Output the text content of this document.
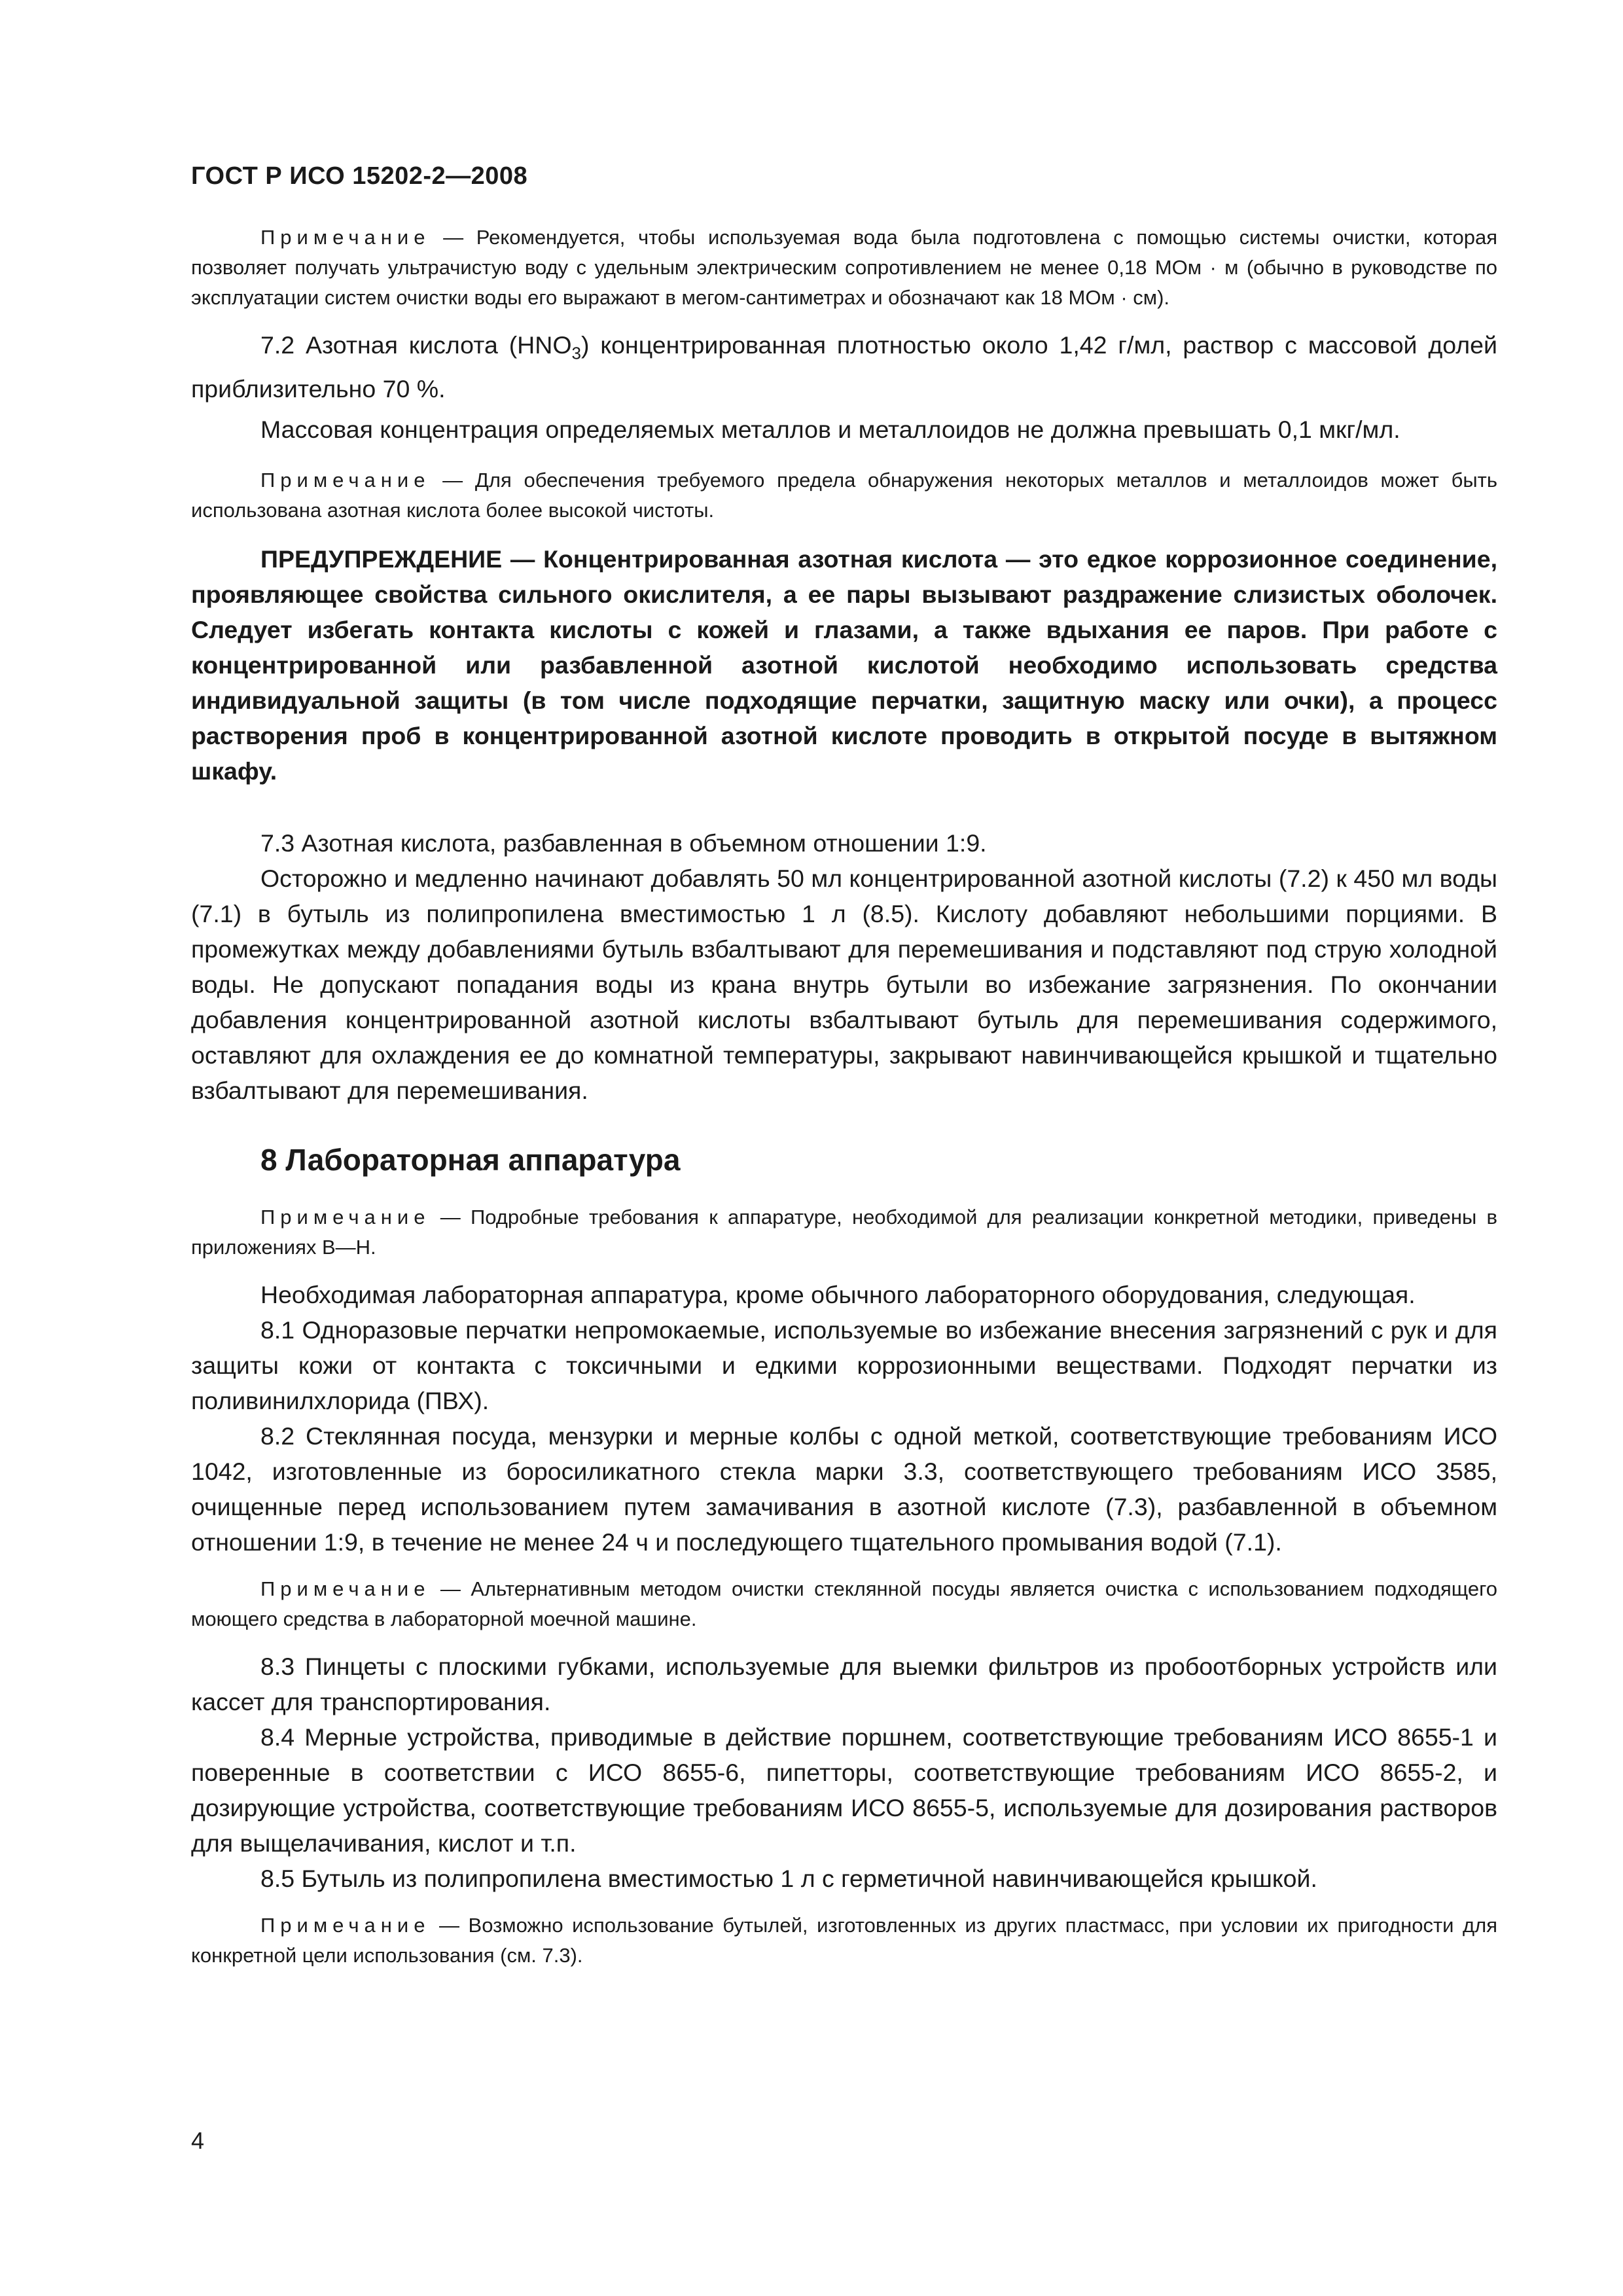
ГОСТ Р ИСО 15202-2—2008

Примечание — Рекомендуется, чтобы используемая вода была подготовлена с помощью системы очистки, которая позволяет получать ультрачистую воду с удельным электрическим сопротивлением не менее 0,18 МОм · м (обычно в руководстве по эксплуатации систем очистки воды его выражают в мегом-сантиметрах и обозначают как 18 МОм · см).

7.2 Азотная кислота $(HNO_3)$ концентрированная плотностью около 1,42 г/мл, раствор с массовой долей приблизительно 70 %.

Массовая концентрация определяемых металлов и металлоидов не должна превышать 0,1 мкг/мл.

Примечание — Для обеспечения требуемого предела обнаружения некоторых металлов и металлоидов может быть использована азотная кислота более высокой чистоты.

ПРЕДУПРЕЖДЕНИЕ — Концентрированная азотная кислота — это едкое коррозионное соединение, проявляющее свойства сильного окислителя, а ее пары вызывают раздражение слизистых оболочек. Следует избегать контакта кислоты с кожей и глазами, а также вдыхания ее паров. При работе с концентрированной или разбавленной азотной кислотой необходимо использовать средства индивидуальной защиты (в том числе подходящие перчатки, защитную маску или очки), а процесс растворения проб в концентрированной азотной кислоте проводить в открытой посуде в вытяжном шкафу.

7.3 Азотная кислота, разбавленная в объемном отношении 1:9.

Осторожно и медленно начинают добавлять 50 мл концентрированной азотной кислоты (7.2) к 450 мл воды (7.1) в бутыль из полипропилена вместимостью 1 л (8.5). Кислоту добавляют небольшими порциями. В промежутках между добавлениями бутыль взбалтывают для перемешивания и подставляют под струю холодной воды. Не допускают попадания воды из крана внутрь бутыли во избежание загрязнения. По окончании добавления концентрированной азотной кислоты взбалтывают бутыль для перемешивания содержимого, оставляют для охлаждения ее до комнатной температуры, закрывают навинчивающейся крышкой и тщательно взбалтывают для перемешивания.

8 Лабораторная аппаратура

Примечание — Подробные требования к аппаратуре, необходимой для реализации конкретной методики, приведены в приложениях В—Н.

Необходимая лабораторная аппаратура, кроме обычного лабораторного оборудования, следующая.

8.1 Одноразовые перчатки непромокаемые, используемые во избежание внесения загрязнений с рук и для защиты кожи от контакта с токсичными и едкими коррозионными веществами. Подходят перчатки из поливинилхлорида (ПВХ).

8.2 Стеклянная посуда, мензурки и мерные колбы с одной меткой, соответствующие требованиям ИСО 1042, изготовленные из боросиликатного стекла марки 3.3, соответствующего требованиям ИСО 3585, очищенные перед использованием путем замачивания в азотной кислоте (7.3), разбавленной в объемном отношении 1:9, в течение не менее 24 ч и последующего тщательного промывания водой (7.1).

Примечание — Альтернативным методом очистки стеклянной посуды является очистка с использованием подходящего моющего средства в лабораторной моечной машине.

8.3 Пинцеты с плоскими губками, используемые для выемки фильтров из пробоотборных устройств или кассет для транспортирования.

8.4 Мерные устройства, приводимые в действие поршнем, соответствующие требованиям ИСО 8655-1 и поверенные в соответствии с ИСО 8655-6, пипетторы, соответствующие требованиям ИСО 8655-2, и дозирующие устройства, соответствующие требованиям ИСО 8655-5, используемые для дозирования растворов для выщелачивания, кислот и т.п.

8.5 Бутыль из полипропилена вместимостью 1 л с герметичной навинчивающейся крышкой.

Примечание — Возможно использование бутылей, изготовленных из других пластмасс, при условии их пригодности для конкретной цели использования (см. 7.3).

4
